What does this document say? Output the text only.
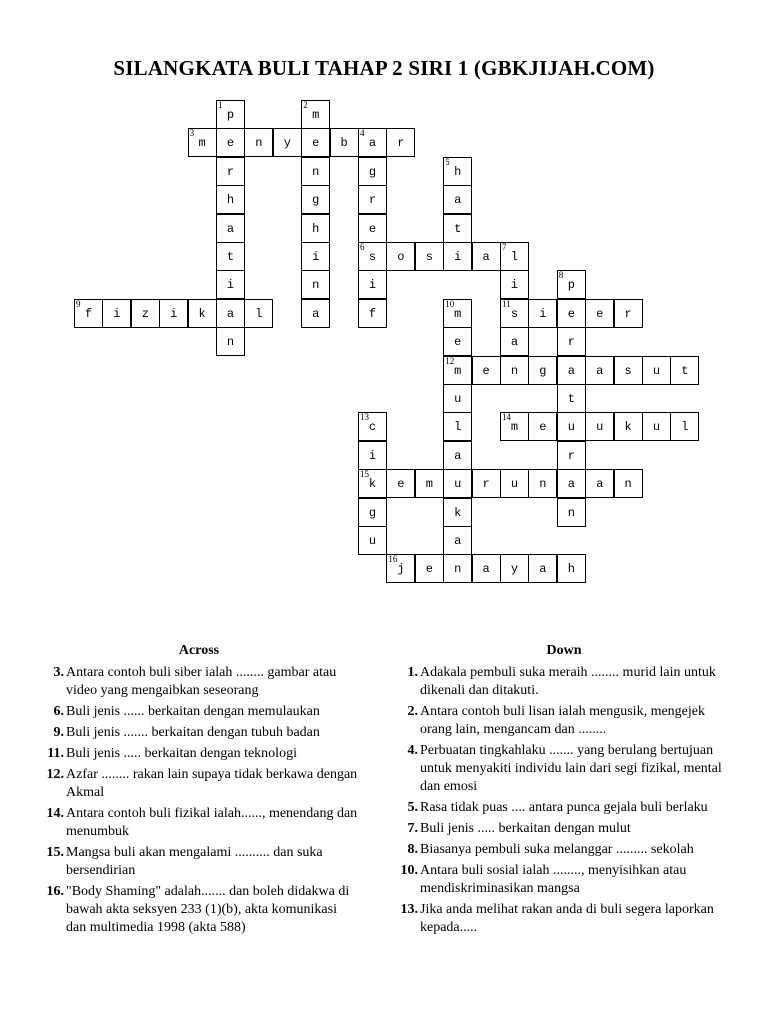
SILANGKATA BULI TAHAP 2 SIRI 1 (GBKJIJAH.COM)
1
p
e
r
h
a
t
i
a
n
2
m
e
n
g
h
i
n
a
3
m	n	y	b
4
a	r
g
r
e
6
s
i
f
5
h
a
t
i
o	s	a
7
l
i
11
s
a
n
8
p
e
r
a
t
u
r
a
n
9
f	i	z	i	k	l
10
m
e
12
m
u
l
a
u
k
a
n
i	e	r
e	g	a	s	u	t
13
c
i
15
k
g
u
14
m	e	u	k	u	l
e	m	r	u	n	a	n
16
j	e	a	y	a	h
Across
3. Antara contoh buli siber ialah ........ gambar atau video yang mengaibkan seseorang
6. Buli jenis ...... berkaitan dengan memulaukan
9. Buli jenis ....... berkaitan dengan tubuh badan
11. Buli jenis ..... berkaitan dengan teknologi
12. Azfar ........ rakan lain supaya tidak berkawa dengan Akmal
14. Antara contoh buli fizikal ialah......, menendang dan menumbuk
15. Mangsa buli akan mengalami .......... dan suka bersendirian
16. "Body Shaming" adalah....... dan boleh didakwa di bawah akta seksyen 233 (1)(b), akta komunikasi dan multimedia 1998 (akta 588)
Down
1. Adakala pembuli suka meraih ........ murid lain untuk dikenali dan ditakuti.
2. Antara contoh buli lisan ialah mengusik, mengejek orang lain, mengancam dan ........
4. Perbuatan tingkahlaku ....... yang berulang bertujuan untuk menyakiti individu lain dari segi fizikal, mental dan emosi
5. Rasa tidak puas .... antara punca gejala buli berlaku
7. Buli jenis ..... berkaitan dengan mulut
8. Biasanya pembuli suka melanggar ......... sekolah
10. Antara buli sosial ialah ........, menyisihkan atau mendiskriminasikan mangsa
13. Jika anda melihat rakan anda di buli segera laporkan kepada.....
